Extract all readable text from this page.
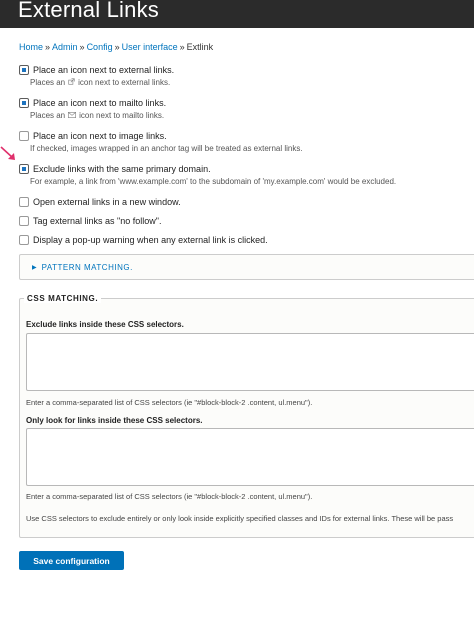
External Links
Home » Admin » Config » User interface » Extlink
Place an icon next to external links.
Places an icon next to external links.
Place an icon next to mailto links.
Places an icon next to mailto links.
Place an icon next to image links.
If checked, images wrapped in an anchor tag will be treated as external links.
Exclude links with the same primary domain.
For example, a link from 'www.example.com' to the subdomain of 'my.example.com' would be excluded.
Open external links in a new window.
Tag external links as "no follow".
Display a pop-up warning when any external link is clicked.
▶ PATTERN MATCHING.
CSS MATCHING.
Exclude links inside these CSS selectors.
Enter a comma-separated list of CSS selectors (ie "#block-block-2 .content, ul.menu").
Only look for links inside these CSS selectors.
Enter a comma-separated list of CSS selectors (ie "#block-block-2 .content, ul.menu").
Use CSS selectors to exclude entirely or only look inside explicitly specified classes and IDs for external links. These will be pass
Save configuration
